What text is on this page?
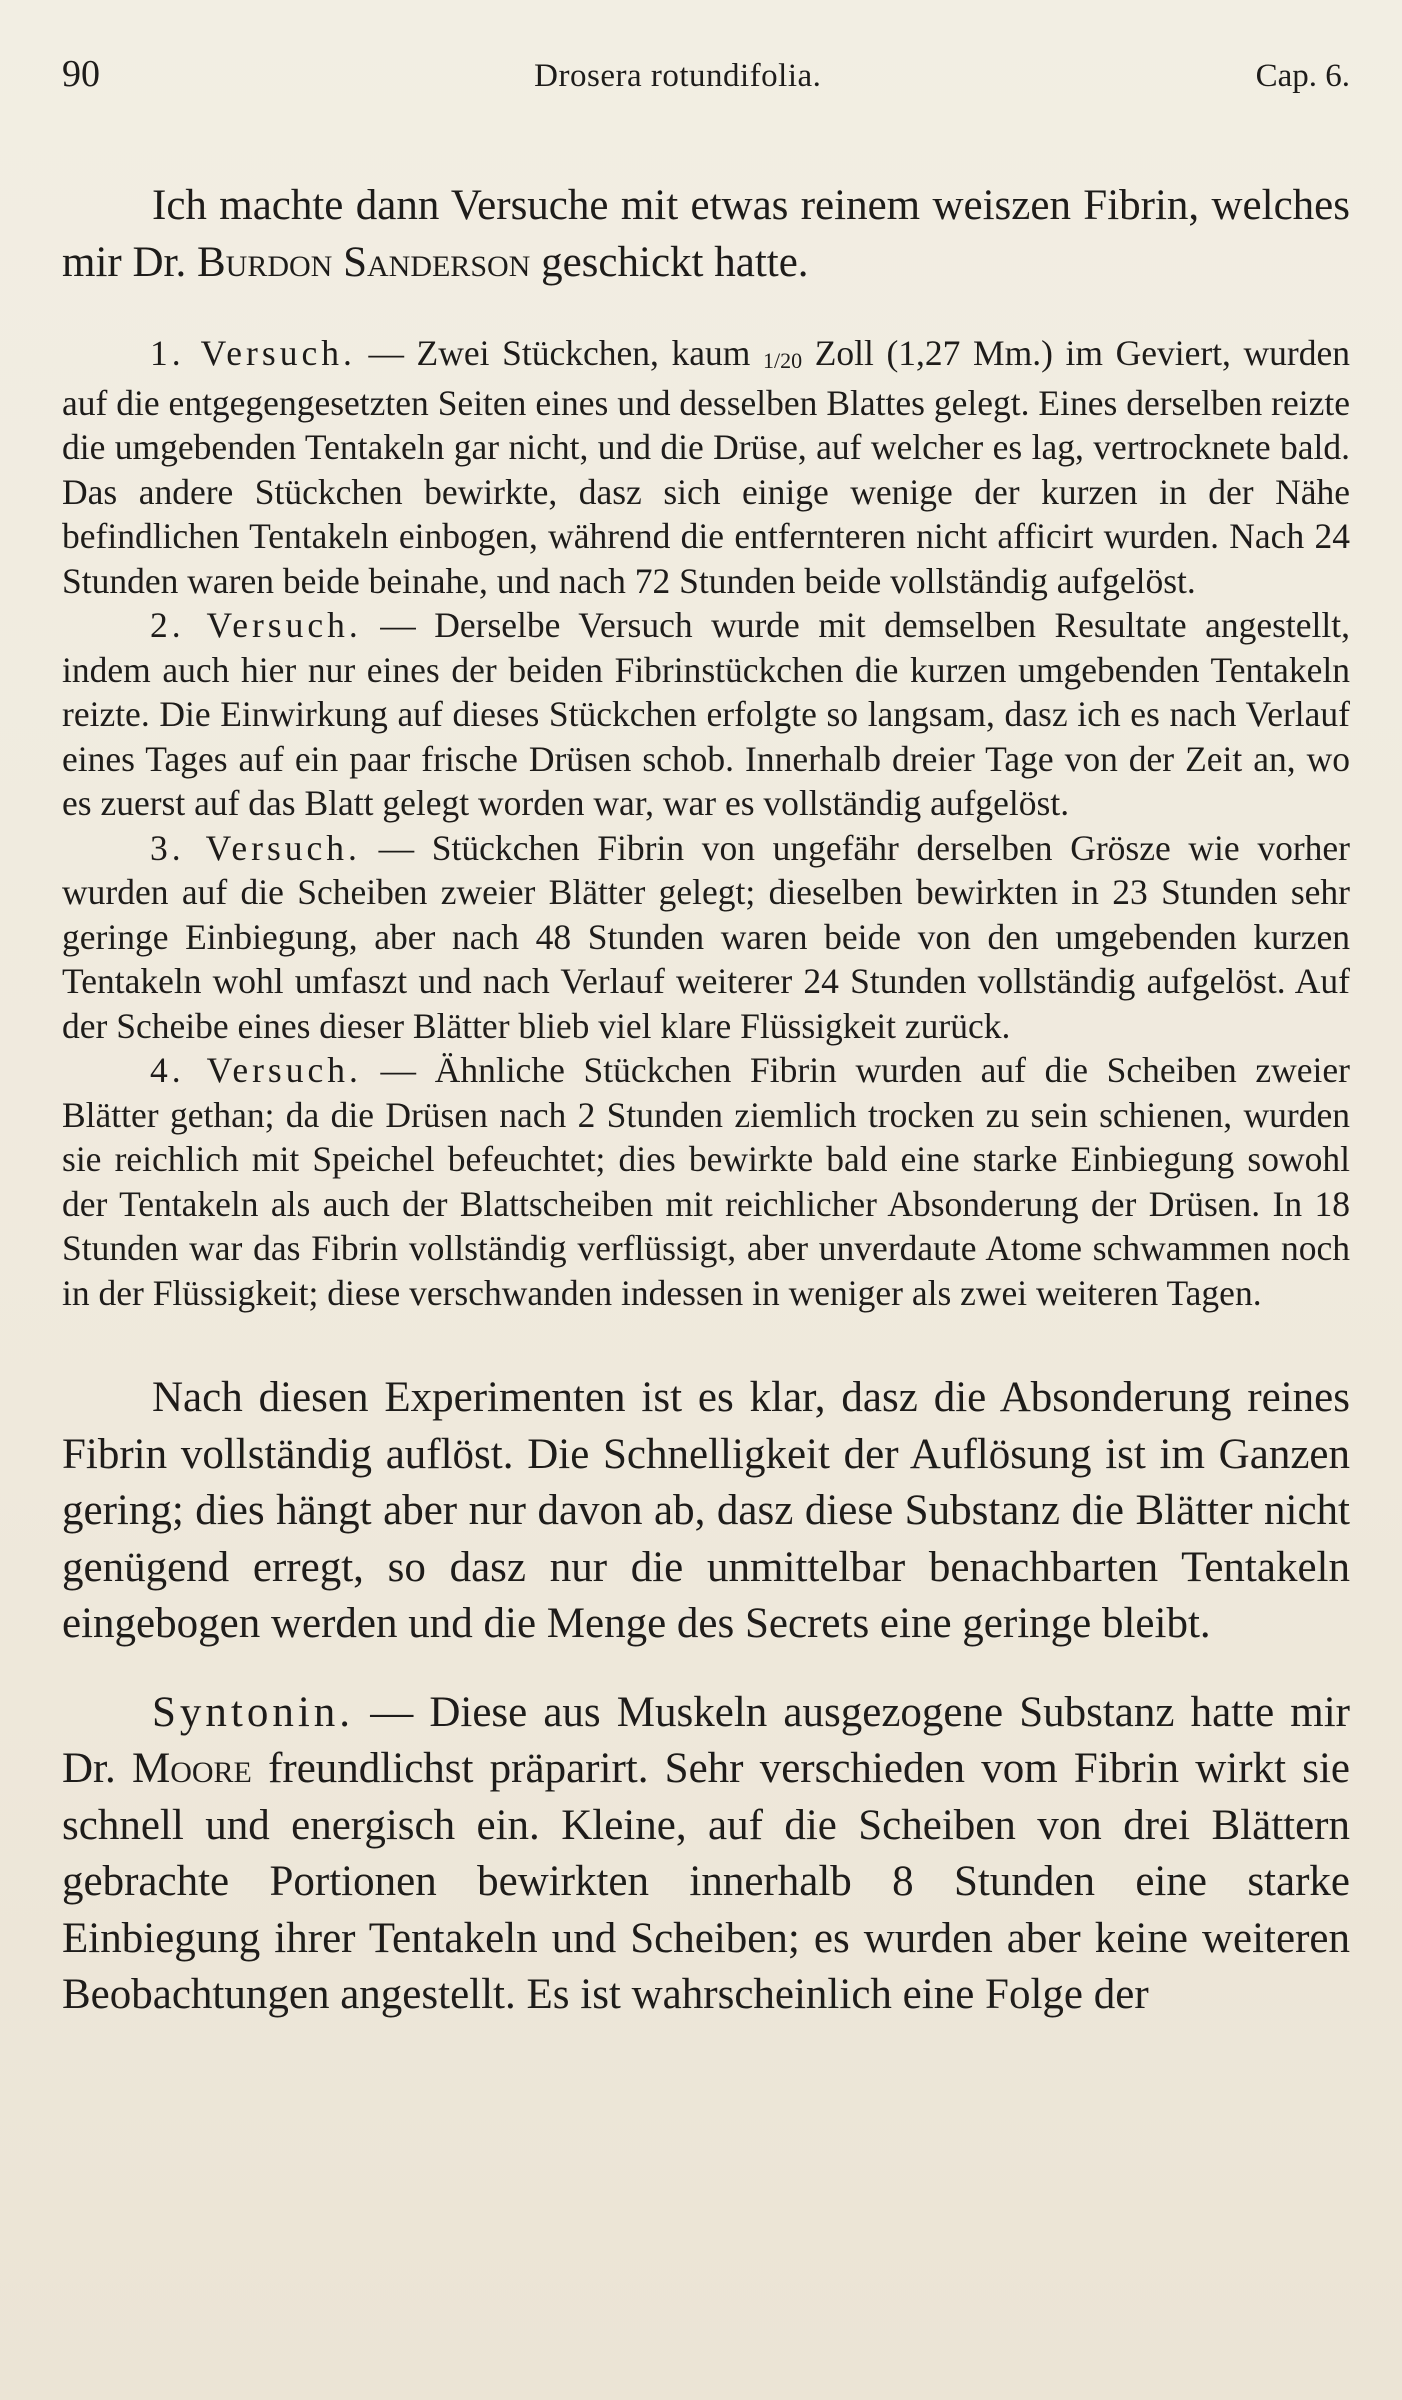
90	Drosera rotundifolia.	Cap. 6.

Ich machte dann Versuche mit etwas reinem weiszen Fibrin, welches mir Dr. Burdon Sanderson geschickt hatte.

1. Versuch. — Zwei Stückchen, kaum 1/20 Zoll (1,27 Mm.) im Geviert, wurden auf die entgegengesetzten Seiten eines und desselben Blattes gelegt. Eines derselben reizte die umgebenden Tentakeln gar nicht, und die Drüse, auf welcher es lag, vertrocknete bald. Das andere Stückchen bewirkte, dasz sich einige wenige der kurzen in der Nähe befindlichen Tentakeln einbogen, während die entfernteren nicht afficirt wurden. Nach 24 Stunden waren beide beinahe, und nach 72 Stunden beide vollständig aufgelöst.

2. Versuch. — Derselbe Versuch wurde mit demselben Resultate angestellt, indem auch hier nur eines der beiden Fibrinstückchen die kurzen umgebenden Tentakeln reizte. Die Einwirkung auf dieses Stückchen erfolgte so langsam, dasz ich es nach Verlauf eines Tages auf ein paar frische Drüsen schob. Innerhalb dreier Tage von der Zeit an, wo es zuerst auf das Blatt gelegt worden war, war es vollständig aufgelöst.

3. Versuch. — Stückchen Fibrin von ungefähr derselben Grösze wie vorher wurden auf die Scheiben zweier Blätter gelegt; dieselben bewirkten in 23 Stunden sehr geringe Einbiegung, aber nach 48 Stunden waren beide von den umgebenden kurzen Tentakeln wohl umfaszt und nach Verlauf weiterer 24 Stunden vollständig aufgelöst. Auf der Scheibe eines dieser Blätter blieb viel klare Flüssigkeit zurück.

4. Versuch. — Ähnliche Stückchen Fibrin wurden auf die Scheiben zweier Blätter gethan; da die Drüsen nach 2 Stunden ziemlich trocken zu sein schienen, wurden sie reichlich mit Speichel befeuchtet; dies bewirkte bald eine starke Einbiegung sowohl der Tentakeln als auch der Blattscheiben mit reichlicher Absonderung der Drüsen. In 18 Stunden war das Fibrin vollständig verflüssigt, aber unverdaute Atome schwammen noch in der Flüssigkeit; diese verschwanden indessen in weniger als zwei weiteren Tagen.

Nach diesen Experimenten ist es klar, dasz die Absonderung reines Fibrin vollständig auflöst. Die Schnelligkeit der Auflösung ist im Ganzen gering; dies hängt aber nur davon ab, dasz diese Substanz die Blätter nicht genügend erregt, so dasz nur die unmittelbar benachbarten Tentakeln eingebogen werden und die Menge des Secrets eine geringe bleibt.

Syntonin. — Diese aus Muskeln ausgezogene Substanz hatte mir Dr. Moore freundlichst präparirt. Sehr verschieden vom Fibrin wirkt sie schnell und energisch ein. Kleine, auf die Scheiben von drei Blättern gebrachte Portionen bewirkten innerhalb 8 Stunden eine starke Einbiegung ihrer Tentakeln und Scheiben; es wurden aber keine weiteren Beobachtungen angestellt. Es ist wahrscheinlich eine Folge der
